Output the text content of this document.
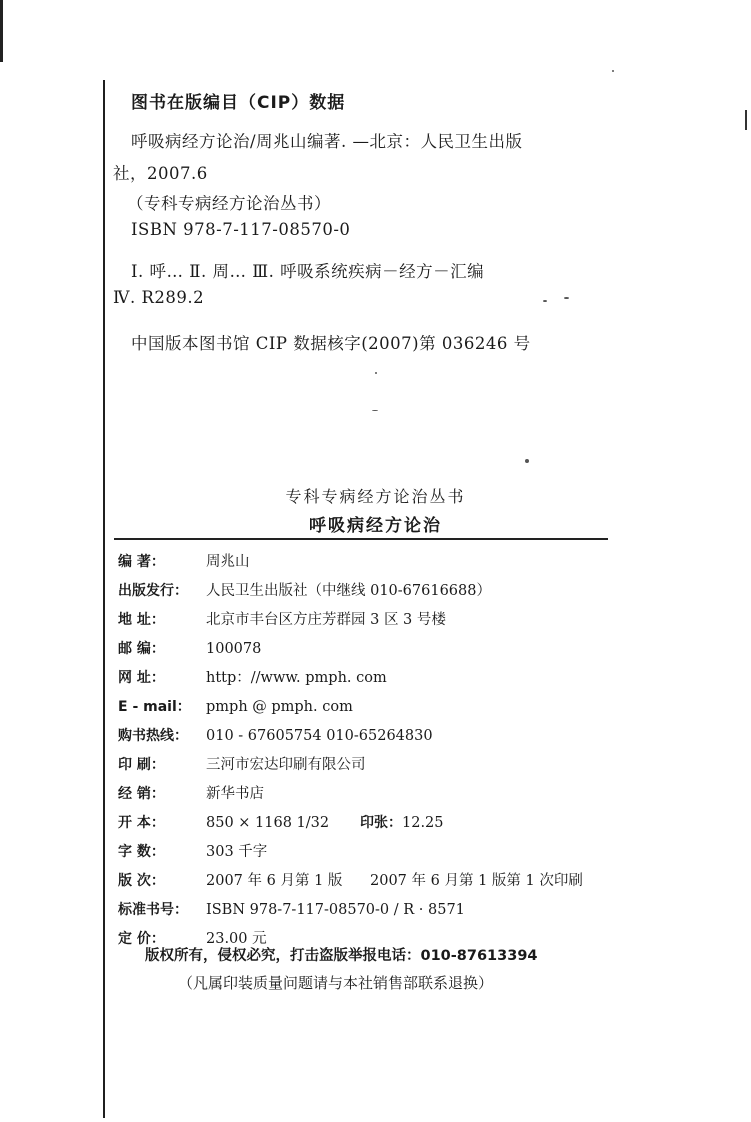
图书在版编目（CIP）数据
呼吸病经方论治/周兆山编著. —北京：人民卫生出版
社，2007.6
（专科专病经方论治丛书）
ISBN 978-7-117-08570-0
Ⅰ. 呼… Ⅱ. 周… Ⅲ. 呼吸系统疾病－经方－汇编
Ⅳ. R289.2
中国版本图书馆 CIP 数据核字(2007)第 036246 号
专科专病经方论治丛书
呼吸病经方论治
编 著：	周兆山
出版发行： 人民卫生出版社（中继线 010-67616688）
地 址：	北京市丰台区方庄芳群园 3 区 3 号楼
邮 编：	100078
网 址：	http：//www. pmph. com
E - mail： pmph @ pmph. com
购书热线： 010 - 67605754 010-65264830
印 刷：	三河市宏达印刷有限公司
经 销：	新华书店
开 本：	850 × 1168 1/32 印张：12.25
字 数：	303 千字
版 次：	2007 年 6 月第 1 版 2007 年 6 月第 1 版第 1 次印刷
标准书号： ISBN 978-7-117-08570-0 / R · 8571
定 价：	23.00 元
版权所有，侵权必究，打击盗版举报电话：010-87613394
（凡属印装质量问题请与本社销售部联系退换）
